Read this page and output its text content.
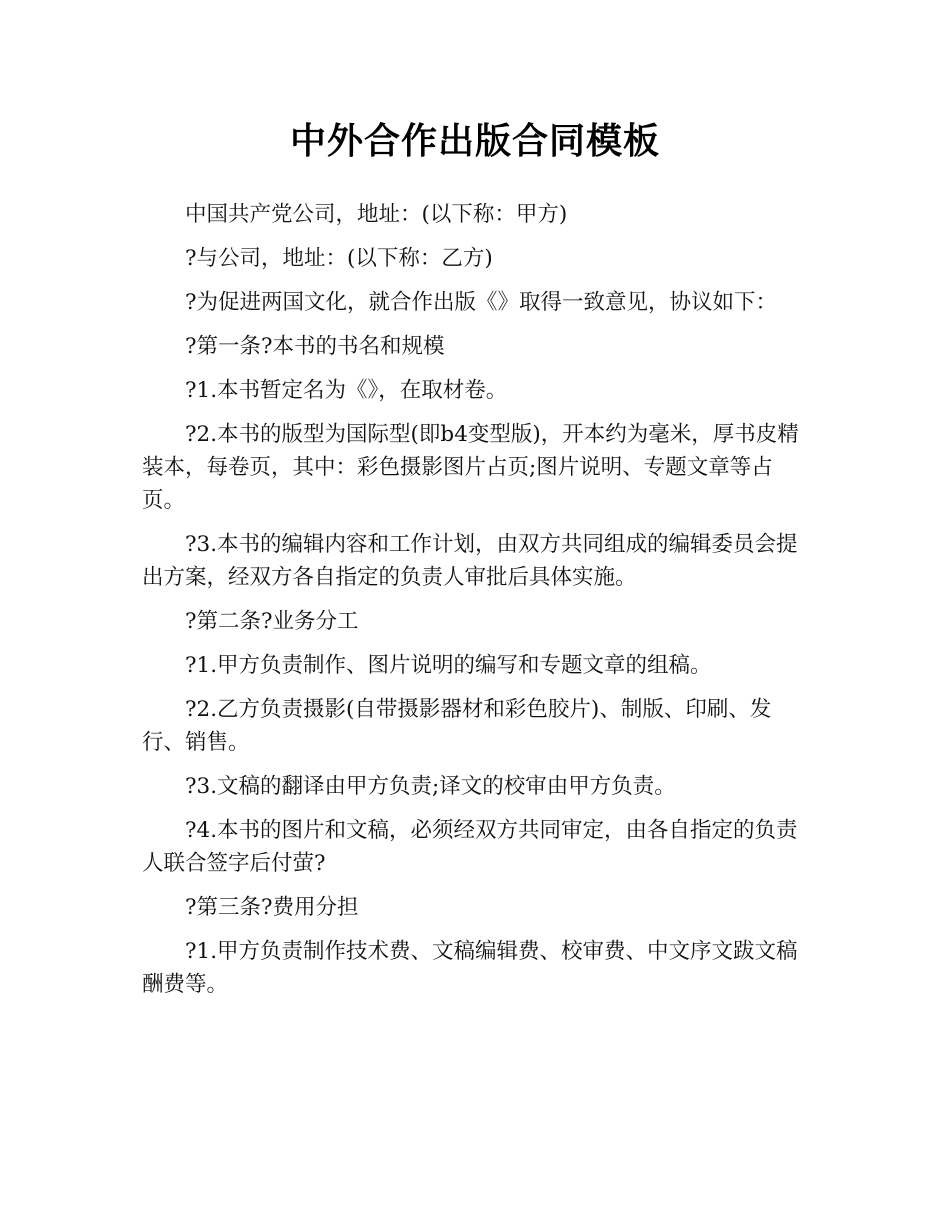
中外合作出版合同模板

中国共产党公司，地址：(以下称：甲方)

?与公司，地址：(以下称：乙方)

?为促进两国文化，就合作出版《》取得一致意见，协议如下：

?第一条?本书的书名和规模

?1.本书暂定名为《》，在取材卷。

?2.本书的版型为国际型(即b4变型版)，开本约为毫米，厚书皮精装本，每卷页，其中：彩色摄影图片占页;图片说明、专题文章等占页。

?3.本书的编辑内容和工作计划，由双方共同组成的编辑委员会提出方案，经双方各自指定的负责人审批后具体实施。

?第二条?业务分工

?1.甲方负责制作、图片说明的编写和专题文章的组稿。

?2.乙方负责摄影(自带摄影器材和彩色胶片)、制版、印刷、发行、销售。

?3.文稿的翻译由甲方负责;译文的校审由甲方负责。

?4.本书的图片和文稿，必须经双方共同审定，由各自指定的负责人联合签字后付萤?

?第三条?费用分担

?1.甲方负责制作技术费、文稿编辑费、校审费、中文序文跋文稿酬费等。
